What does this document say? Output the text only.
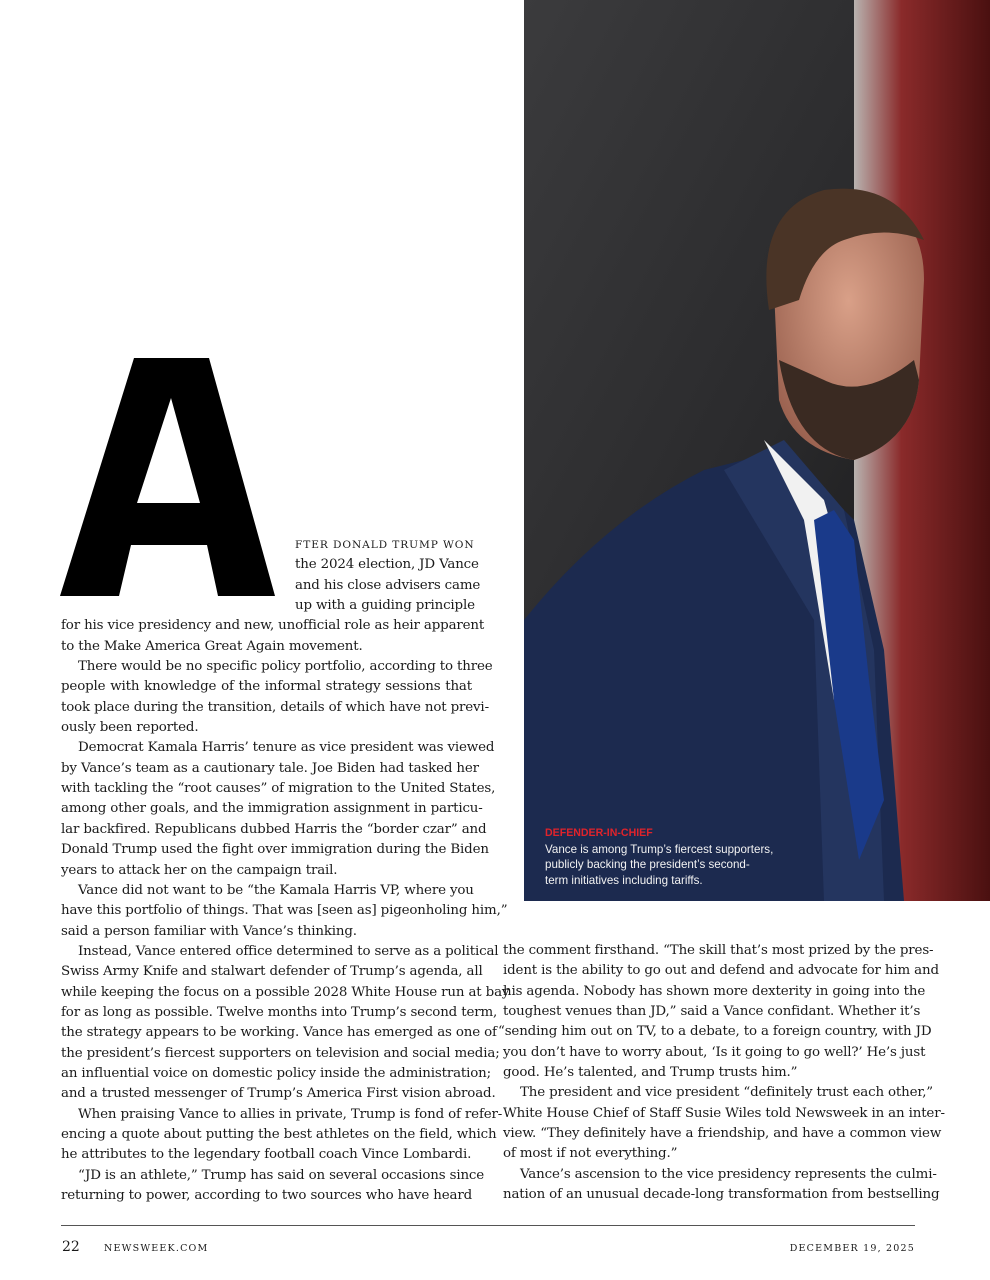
DEFENDER-IN-CHIEF
Vance is among Trump’s fiercest supporters,
publicly backing the president’s second-
term initiatives including tariffs.
FTER DONALD TRUMP WON
the 2024 election, JD Vance
and his close advisers came
up with a guiding principle
for his vice presidency and new, unofficial role as heir apparent
to the Make America Great Again movement.
There would be no specific policy portfolio, according to three
people with knowledge of the informal strategy sessions that
took place during the transition, details of which have not previ-
ously been reported.
Democrat Kamala Harris’ tenure as vice president was viewed
by Vance’s team as a cautionary tale. Joe Biden had tasked her
with tackling the “root causes” of migration to the United States,
among other goals, and the immigration assignment in particu-
lar backfired. Republicans dubbed Harris the “border czar” and
Donald Trump used the fight over immigration during the Biden
years to attack her on the campaign trail.
Vance did not want to be “the Kamala Harris VP, where you
have this portfolio of things. That was [seen as] pigeonholing him,”
said a person familiar with Vance’s thinking.
Instead, Vance entered office determined to serve as a political
Swiss Army Knife and stalwart defender of Trump’s agenda, all
while keeping the focus on a possible 2028 White House run at bay
for as long as possible. Twelve months into Trump’s second term,
the strategy appears to be working. Vance has emerged as one of
the president’s fiercest supporters on television and social media;
an influential voice on domestic policy inside the administration;
and a trusted messenger of Trump’s America First vision abroad.
When praising Vance to allies in private, Trump is fond of refer-
encing a quote about putting the best athletes on the field, which
he attributes to the legendary football coach Vince Lombardi.
“JD is an athlete,” Trump has said on several occasions since
returning to power, according to two sources who have heard
the comment firsthand. “The skill that’s most prized by the pres-
ident is the ability to go out and defend and advocate for him and
his agenda. Nobody has shown more dexterity in going into the
toughest venues than JD,” said a Vance confidant. Whether it’s
“sending him out on TV, to a debate, to a foreign country, with JD
you don’t have to worry about, ‘Is it going to go well?’ He’s just
good. He’s talented, and Trump trusts him.”
The president and vice president “definitely trust each other,”
White House Chief of Staff Susie Wiles told Newsweek in an inter-
view. “They definitely have a friendship, and have a common view
of most if not everything.”
Vance’s ascension to the vice presidency represents the culmi-
nation of an unusual decade-long transformation from bestselling
22	NEWSWEEK.COM	DECEMBER 19, 2025
